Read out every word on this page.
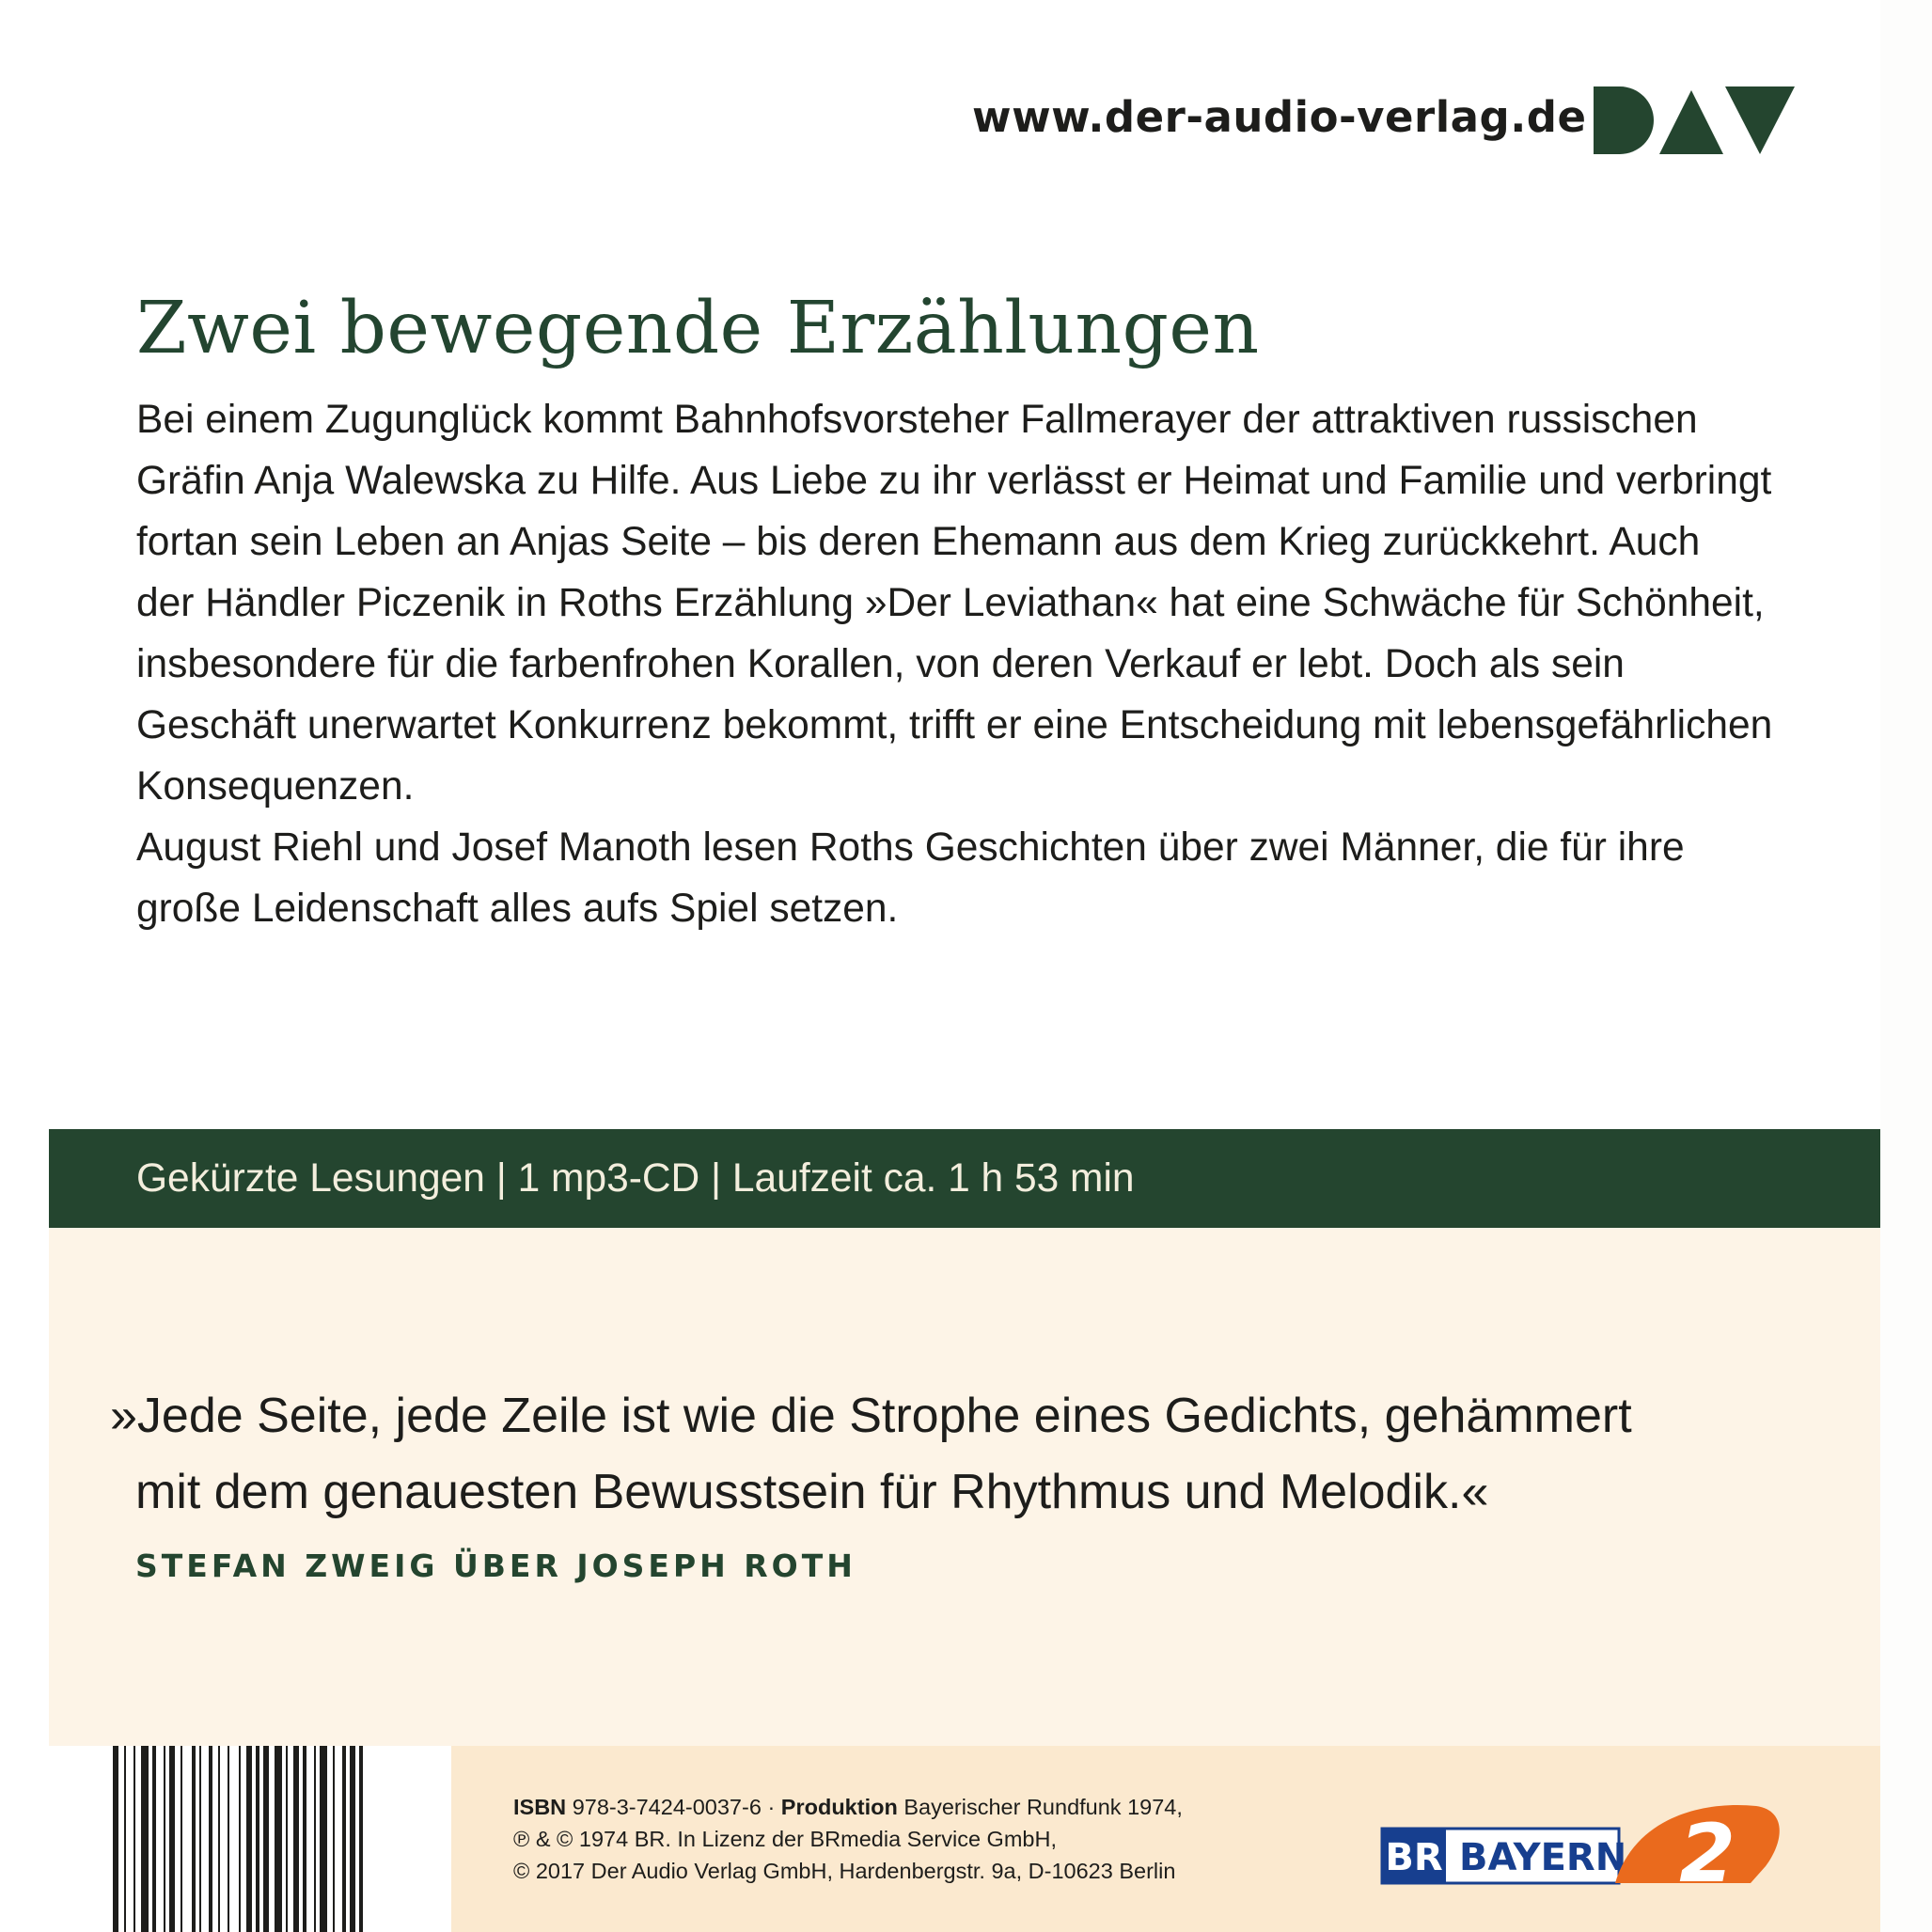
www.der-audio-verlag.de
Zwei bewegende Erzählungen

Bei einem Zugunglück kommt Bahnhofsvorsteher Fallmerayer der attraktiven russischen

Gräfin Anja Walewska zu Hilfe. Aus Liebe zu ihr verlässt er Heimat und Familie und verbringt

fortan sein Leben an Anjas Seite – bis deren Ehemann aus dem Krieg zurückkehrt. Auch

der Händler Piczenik in Roths Erzählung »Der Leviathan« hat eine Schwäche für Schönheit,

insbesondere für die farbenfrohen Korallen, von deren Verkauf er lebt. Doch als sein

Geschäft unerwartet Konkurrenz bekommt, trifft er eine Entscheidung mit lebensgefährlichen

Konsequenzen.

August Riehl und Josef Manoth lesen Roths Geschichten über zwei Männer, die für ihre

große Leidenschaft alles aufs Spiel setzen.

Gekürzte Lesungen | 1 mp3-CD | Laufzeit ca. 1 h 53 min
»Jede Seite, jede Zeile ist wie die Strophe eines Gedichts, gehämmert
mit dem genauesten Bewusstsein für Rhythmus und Melodik.«
STEFAN ZWEIG ÜBER JOSEPH ROTH
ISBN 978-3-7424-0037-6 · Produktion Bayerischer Rundfunk 1974,
℗ & © 1974 BR. In Lizenz der BRmedia Service GmbH,
© 2017 Der Audio Verlag GmbH, Hardenbergstr. 9a, D-10623 Berlin	BR BAYERN 2
